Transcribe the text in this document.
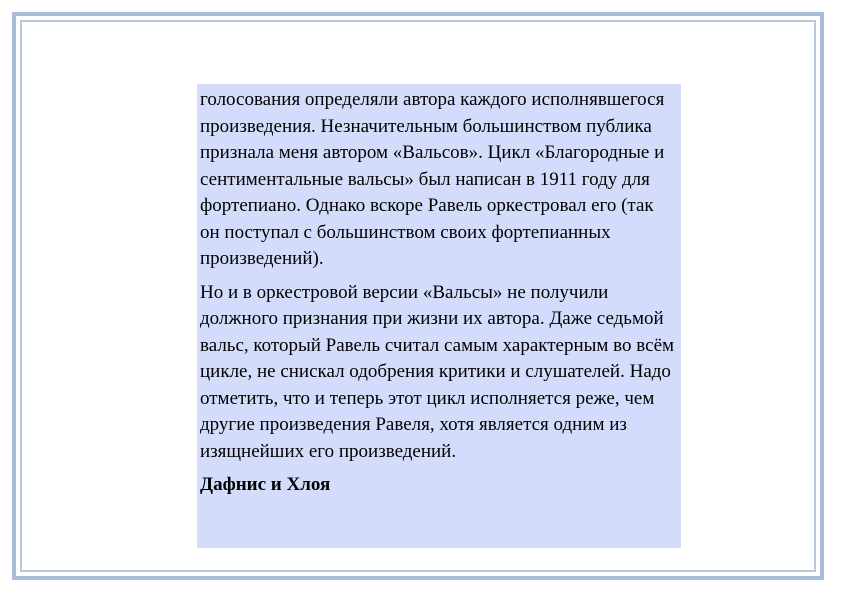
голосования определяли автора каждого исполнявшегося произведения. Незначительным большинством публика признала меня автором «Вальсов». Цикл «Благородные и сентиментальные вальсы» был написан в 1911 году для фортепиано. Однако вскоре Равель оркестровал его (так он поступал с большинством своих фортепианных произведений).

Но и в оркестровой версии «Вальсы» не получили должного признания при жизни их автора. Даже седьмой вальс, который Равель считал самым характерным во всём цикле, не снискал одобрения критики и слушателей. Надо отметить, что и теперь этот цикл исполняется реже, чем другие произведения Равеля, хотя является одним из изящнейших его произведений.

Дафнис и Хлоя
